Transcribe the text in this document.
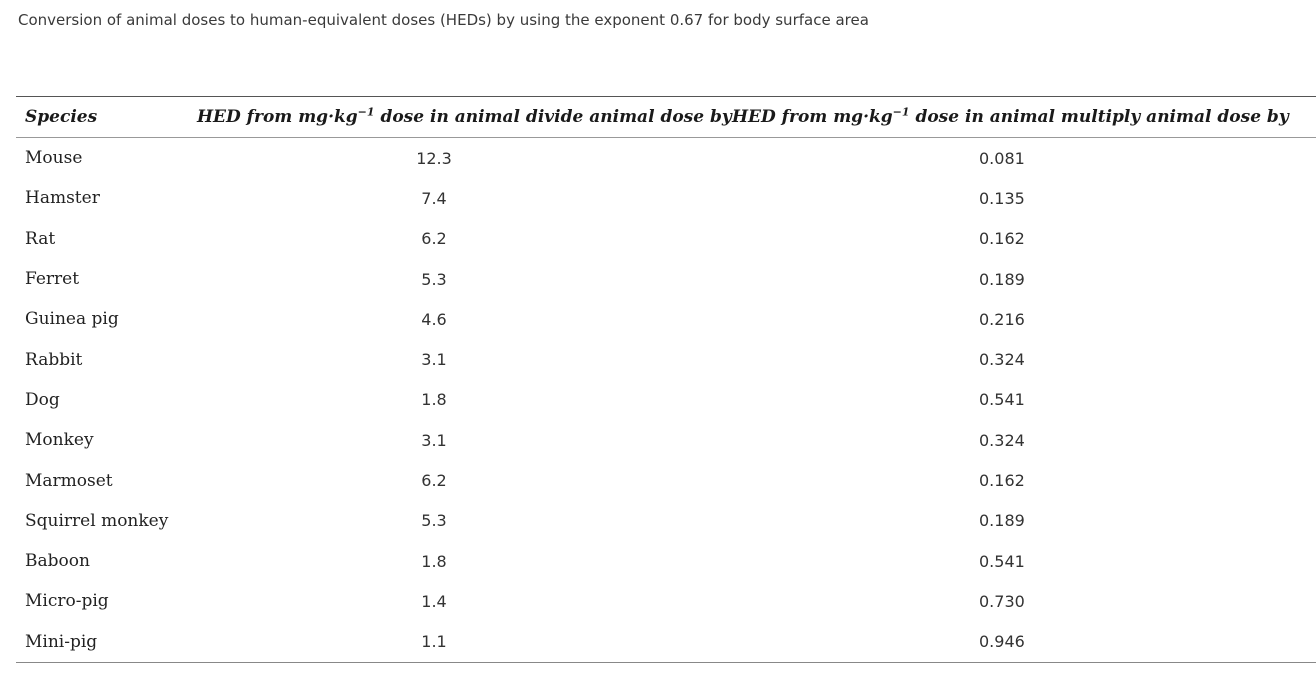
Conversion of animal doses to human-equivalent doses (HEDs) by using the exponent 0.67 for body surface area
Species	HED from $mg\cdot kg^{-1}$ dose in animal divide animal dose by	HED from $mg\cdot kg^{-1}$ dose in animal multiply animal dose by
Mouse	12.3	0.081
Hamster	7.4	0.135
Rat	6.2	0.162
Ferret	5.3	0.189
Guinea pig	4.6	0.216
Rabbit	3.1	0.324
Dog	1.8	0.541
Monkey	3.1	0.324
Marmoset	6.2	0.162
Squirrel monkey	5.3	0.189
Baboon	1.8	0.541
Micro-pig	1.4	0.730
Mini-pig	1.1	0.946
